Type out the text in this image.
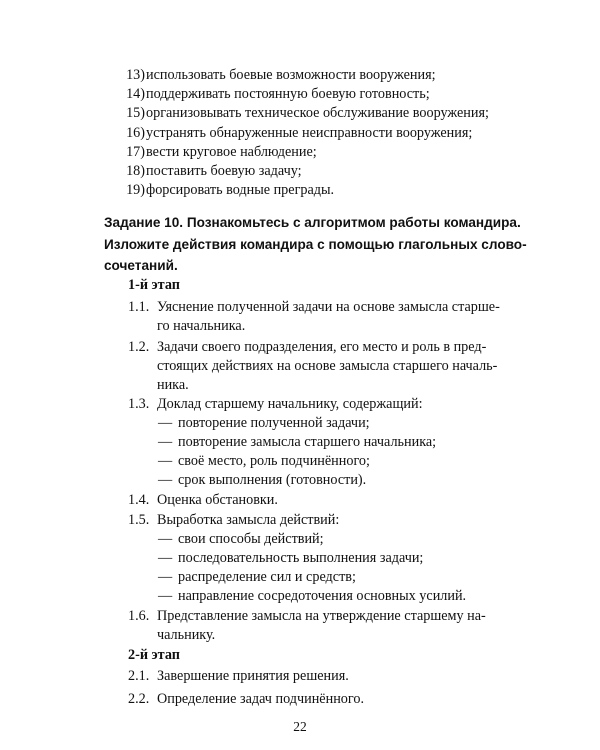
13)использовать боевые возможности вооружения;
14)поддерживать постоянную боевую готовность;
15)организовывать техническое обслуживание вооружения;
16)устранять обнаруженные неисправности вооружения;
17)вести круговое наблюдение;
18)поставить боевую задачу;
19)форсировать водные преграды.
Задание 10. Познакомьтесь с алгоритмом работы командира.
Изложите действия командира с помощью глагольных слово-
сочетаний.
1-й этап
1.1. Уяснение полученной задачи на основе замысла старше-
го начальника.
1.2. Задачи своего подразделения, его место и роль в пред-
стоящих действиях на основе замысла старшего началь-
ника.
1.3. Доклад старшему начальнику, содержащий:
— повторение полученной задачи;
— повторение замысла старшего начальника;
— своё место, роль подчинённого;
— срок выполнения (готовности).
1.4. Оценка обстановки.
1.5. Выработка замысла действий:
— свои способы действий;
— последовательность выполнения задачи;
— распределение сил и средств;
— направление сосредоточения основных усилий.
1.6. Представление замысла на утверждение старшему на-
чальнику.
2-й этап
2.1. Завершение принятия решения.
2.2. Определение задач подчинённого.
22
